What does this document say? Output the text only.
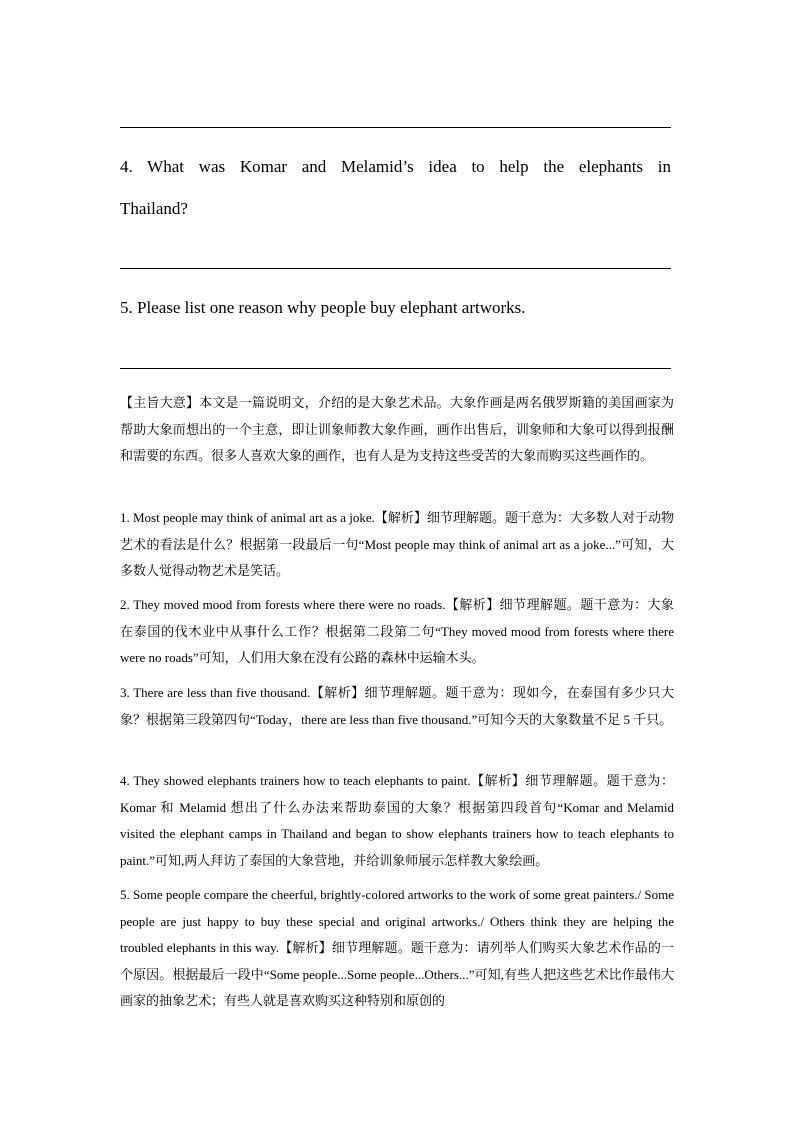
4. What was Komar and Melamid’s idea to help the elephants in
Thailand?

5. Please list one reason why people buy elephant artworks.

【主旨大意】本文是一篇说明文，介绍的是大象艺术品。大象作画是两名俄罗斯籍的美国画家为帮助大象而想出的一个主意，即让训象师教大象作画，画作出售后，训象师和大象可以得到报酬和需要的东西。很多人喜欢大象的画作，也有人是为支持这些受苦的大象而购买这些画作的。

1. Most people may think of animal art as a joke.【解析】细节理解题。题干意为：大多数人对于动物艺术的看法是什么？根据第一段最后一句“Most people may think of animal art as a joke...”可知，大多数人觉得动物艺术是笑话。

2. They moved mood from forests where there were no roads.【解析】细节理解题。题干意为：大象在泰国的伐木业中从事什么工作？根据第二段第二句“They moved mood from forests where there were no roads”可知，人们用大象在没有公路的森林中运输木头。

3. There are less than five thousand.【解析】细节理解题。题干意为：现如今，在泰国有多少只大象？根据第三段第四句“Today，there are less than five thousand.”可知今天的大象数量不足 5 千只。

4. They showed elephants trainers how to teach elephants to paint.【解析】细节理解题。题干意为：Komar 和 Melamid 想出了什么办法来帮助泰国的大象？根据第四段首句“Komar and Melamid visited the elephant camps in Thailand and began to show elephants trainers how to teach elephants to paint.”可知,两人拜访了泰国的大象营地，并给训象师展示怎样教大象绘画。

5. Some people compare the cheerful, brightly-colored artworks to the work of some great painters./ Some people are just happy to buy these special and original artworks./ Others think they are helping the troubled elephants in this way.【解析】细节理解题。题干意为：请列举人们购买大象艺术作品的一个原因。根据最后一段中“Some people...Some people...Others...”可知,有些人把这些艺术比作最伟大画家的抽象艺术；有些人就是喜欢购买这种特别和原创的
